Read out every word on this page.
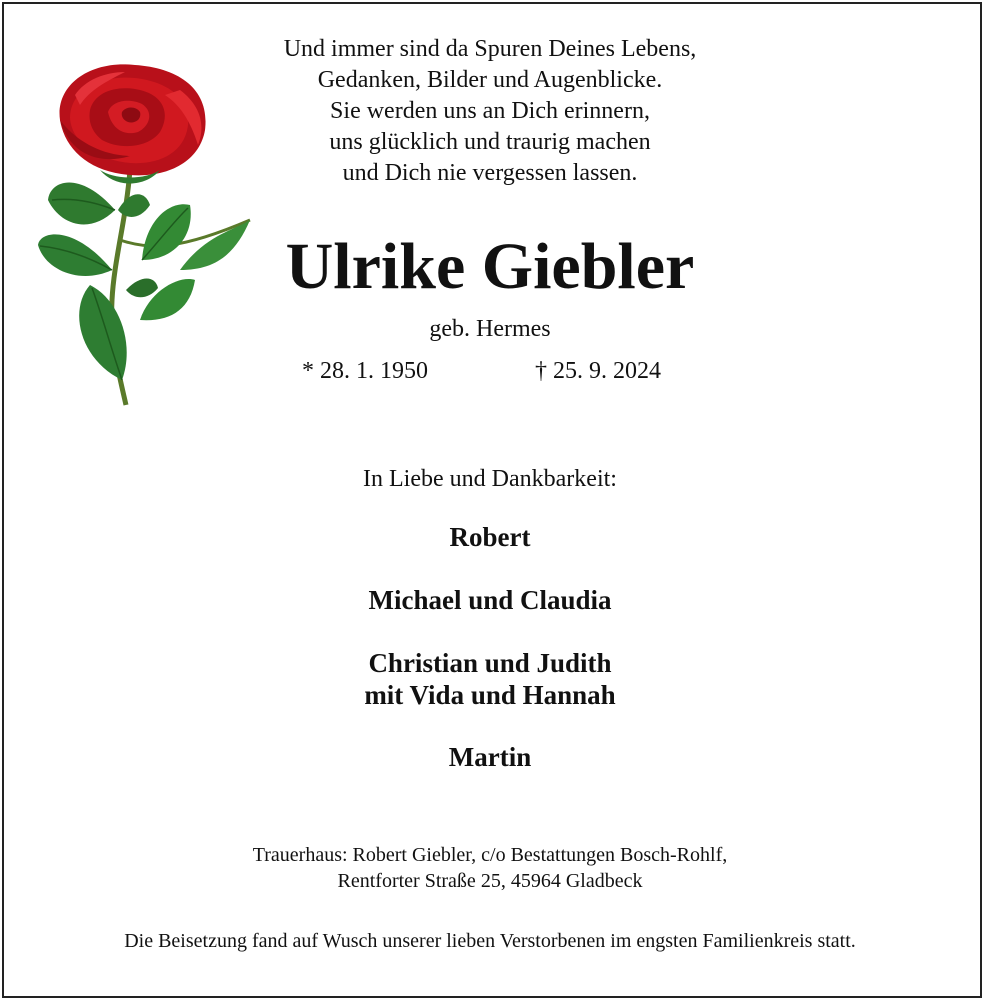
Und immer sind da Spuren Deines Lebens,
Gedanken, Bilder und Augenblicke.
Sie werden uns an Dich erinnern,
uns glücklich und traurig machen
und Dich nie vergessen lassen.
Ulrike Giebler
geb. Hermes
* 28. 1. 1950	† 25. 9. 2024
In Liebe und Dankbarkeit:
Robert
Michael und Claudia
Christian und Judith
mit Vida und Hannah
Martin
Trauerhaus: Robert Giebler, c/o Bestattungen Bosch-Rohlf,
Rentforter Straße 25, 45964 Gladbeck
Die Beisetzung fand auf Wusch unserer lieben Verstorbenen im engsten Familienkreis statt.
